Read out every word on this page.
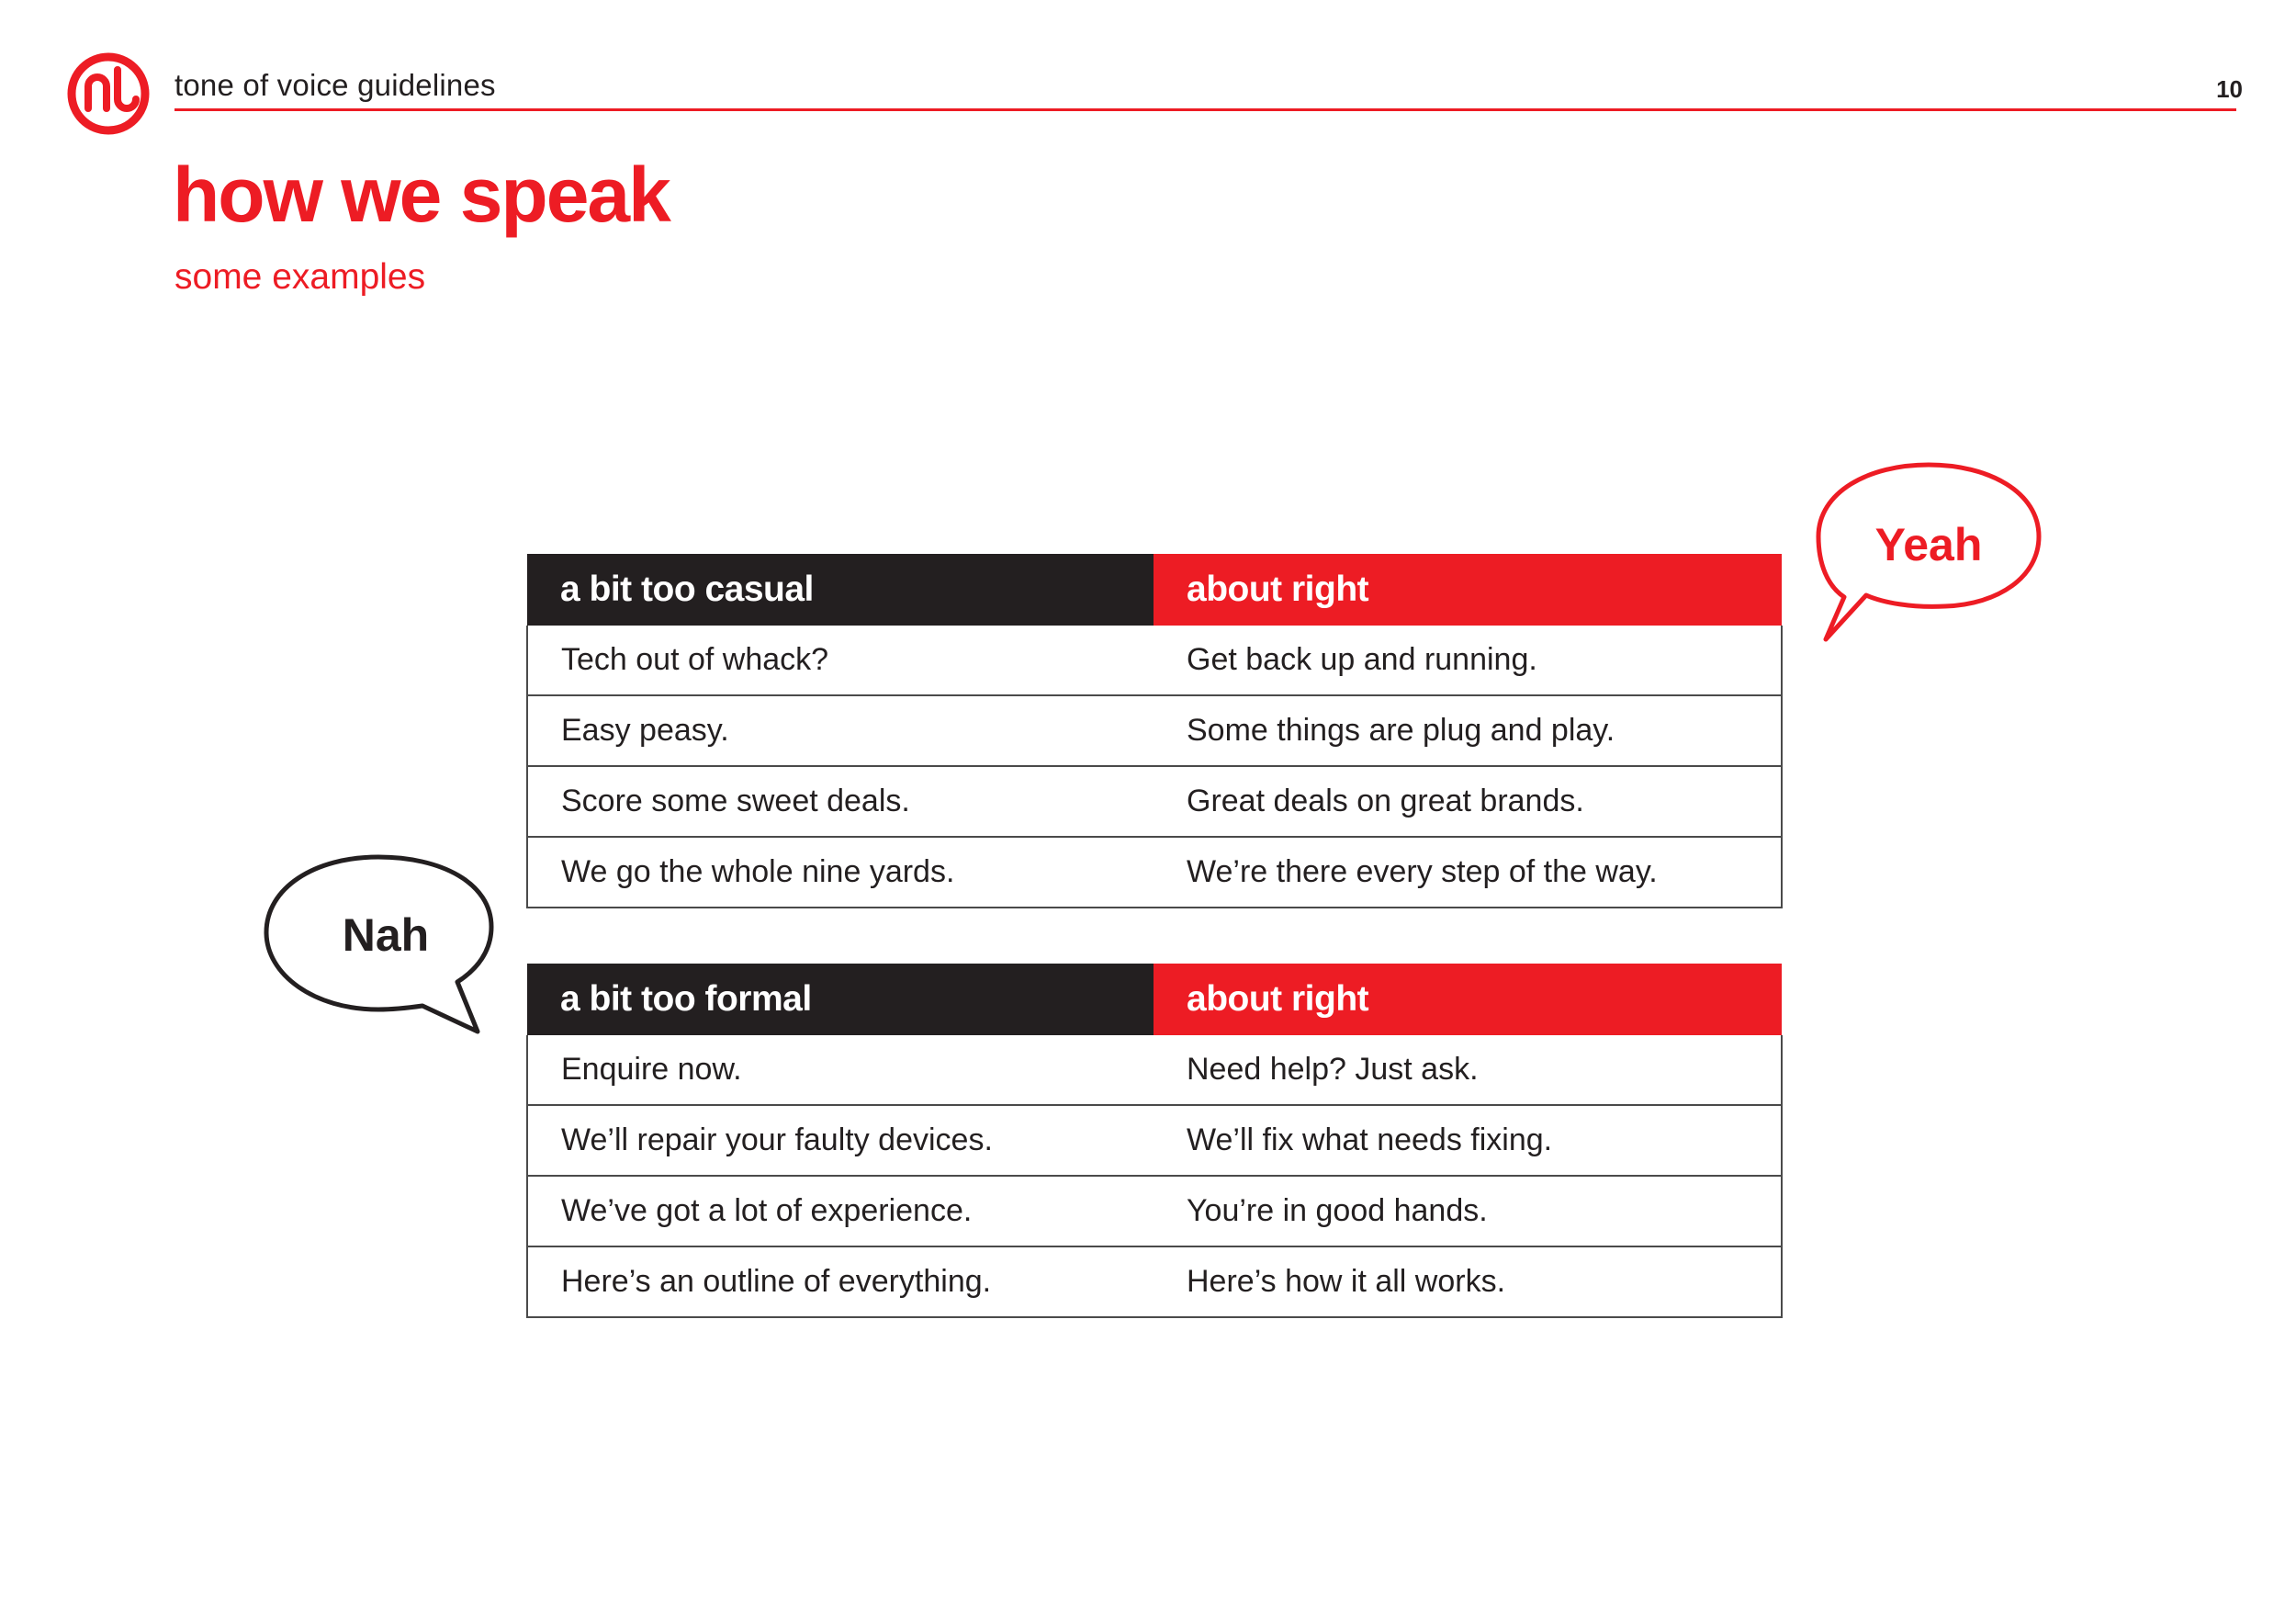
tone of voice guidelines	10
how we speak
some examples
Yeah
a bit too casual	about right
Tech out of whack?	Get back up and running.
Easy peasy.	Some things are plug and play.
Score some sweet deals.	Great deals on great brands.
We go the whole nine yards.	We’re there every step of the way.
Nah
a bit too formal	about right
Enquire now.	Need help? Just ask.
We’ll repair your faulty devices.	We’ll fix what needs fixing.
We’ve got a lot of experience.	You’re in good hands.
Here’s an outline of everything.	Here’s how it all works.
